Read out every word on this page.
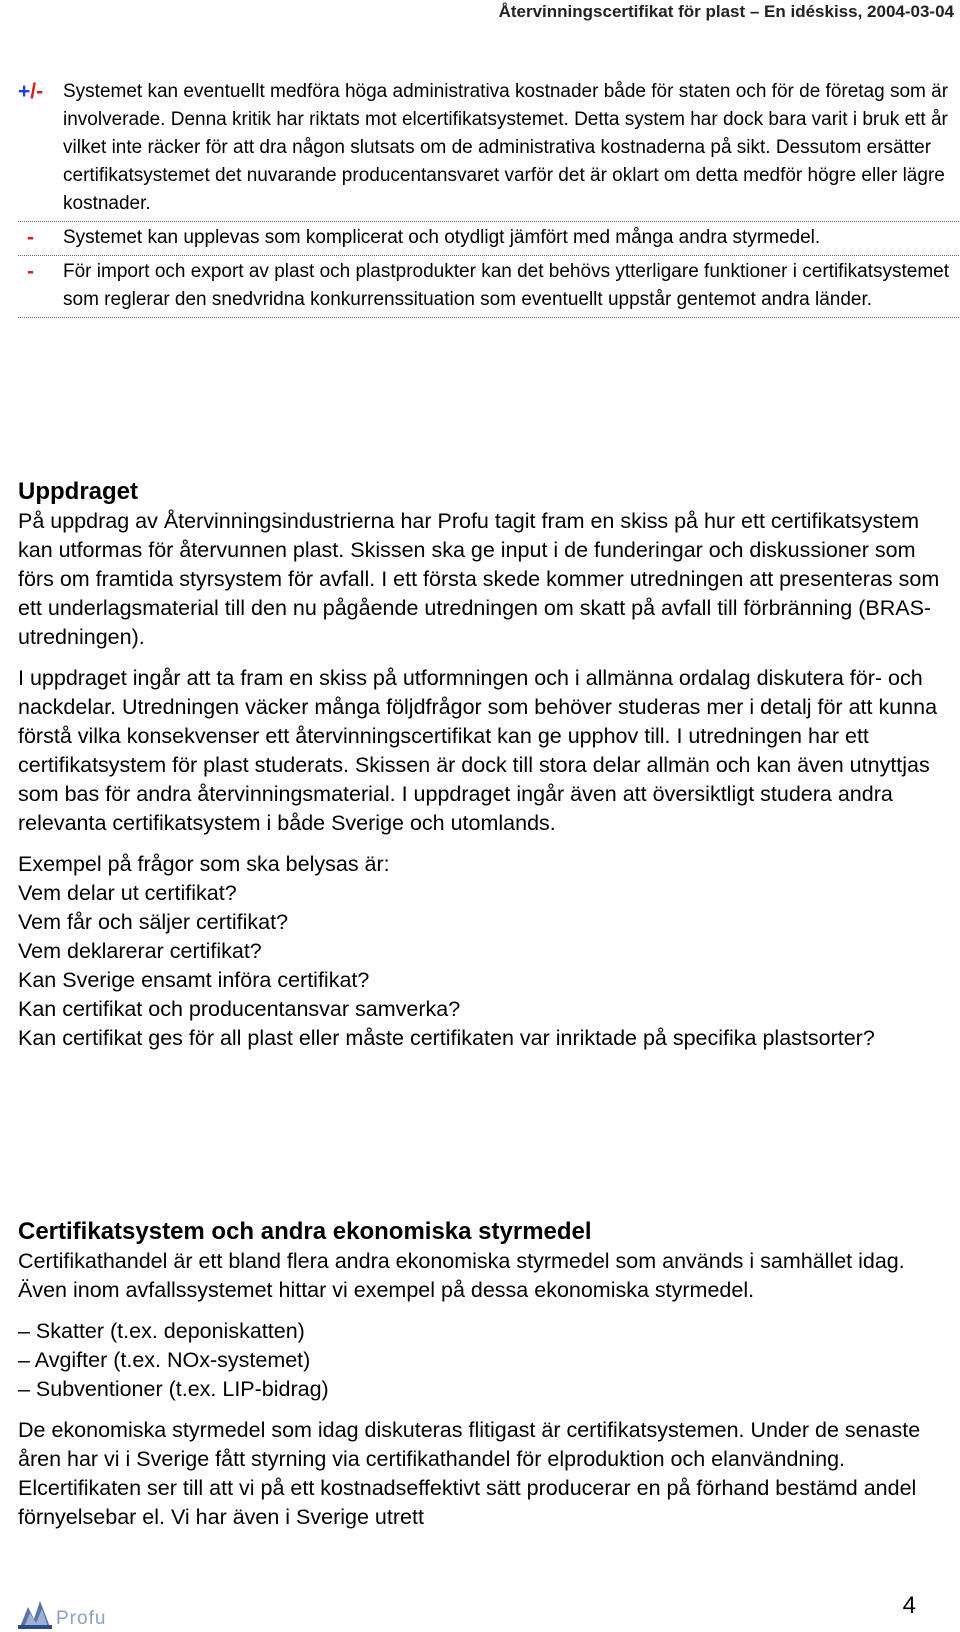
Återvinningscertifikat för plast – En idéskiss, 2004-03-04
+/-	Systemet kan eventuellt medföra höga administrativa kostnader både för staten och för de företag som är involverade. Denna kritik har riktats mot elcertifikatsystemet. Detta system har dock bara varit i bruk ett år vilket inte räcker för att dra någon slutsats om de administrativa kostnaderna på sikt. Dessutom ersätter certifikatsystemet det nuvarande producentansvaret varför det är oklart om detta medför högre eller lägre kostnader.
-	Systemet kan upplevas som komplicerat och otydligt jämfört med många andra styrmedel.
-	För import och export av plast och plastprodukter kan det behövs ytterligare funktioner i certifikatsystemet som reglerar den snedvridna konkurrenssituation som eventuellt uppstår gentemot andra länder.
Uppdraget

På uppdrag av Återvinningsindustrierna har Profu tagit fram en skiss på hur ett certifikatsystem kan utformas för återvunnen plast. Skissen ska ge input i de funderingar och diskussioner som förs om framtida styrsystem för avfall. I ett första skede kommer utredningen att presenteras som ett underlagsmaterial till den nu pågående utredningen om skatt på avfall till förbränning (BRAS-utredningen).

I uppdraget ingår att ta fram en skiss på utformningen och i allmänna ordalag diskutera för- och nackdelar. Utredningen väcker många följdfrågor som behöver studeras mer i detalj för att kunna förstå vilka konsekvenser ett återvinningscertifikat kan ge upphov till. I utredningen har ett certifikatsystem för plast studerats. Skissen är dock till stora delar allmän och kan även utnyttjas som bas för andra återvinningsmaterial. I uppdraget ingår även att översiktligt studera andra relevanta certifikatsystem i både Sverige och utomlands.

Exempel på frågor som ska belysas är:

Vem delar ut certifikat?

Vem får och säljer certifikat?

Vem deklarerar certifikat?

Kan Sverige ensamt införa certifikat?

Kan certifikat och producentansvar samverka?

Kan certifikat ges för all plast eller måste certifikaten var inriktade på specifika plastsorter?

Certifikatsystem och andra ekonomiska styrmedel

Certifikathandel är ett bland flera andra ekonomiska styrmedel som används i samhället idag. Även inom avfallssystemet hittar vi exempel på dessa ekonomiska styrmedel.

– Skatter (t.ex. deponiskatten)

– Avgifter (t.ex. NOx-systemet)

– Subventioner (t.ex. LIP-bidrag)

De ekonomiska styrmedel som idag diskuteras flitigast är certifikatsystemen. Under de senaste åren har vi i Sverige fått styrning via certifikathandel för elproduktion och elanvändning. Elcertifikaten ser till att vi på ett kostnadseffektivt sätt producerar en på förhand bestämd andel förnyelsebar el. Vi har även i Sverige utrett

Profu	4
